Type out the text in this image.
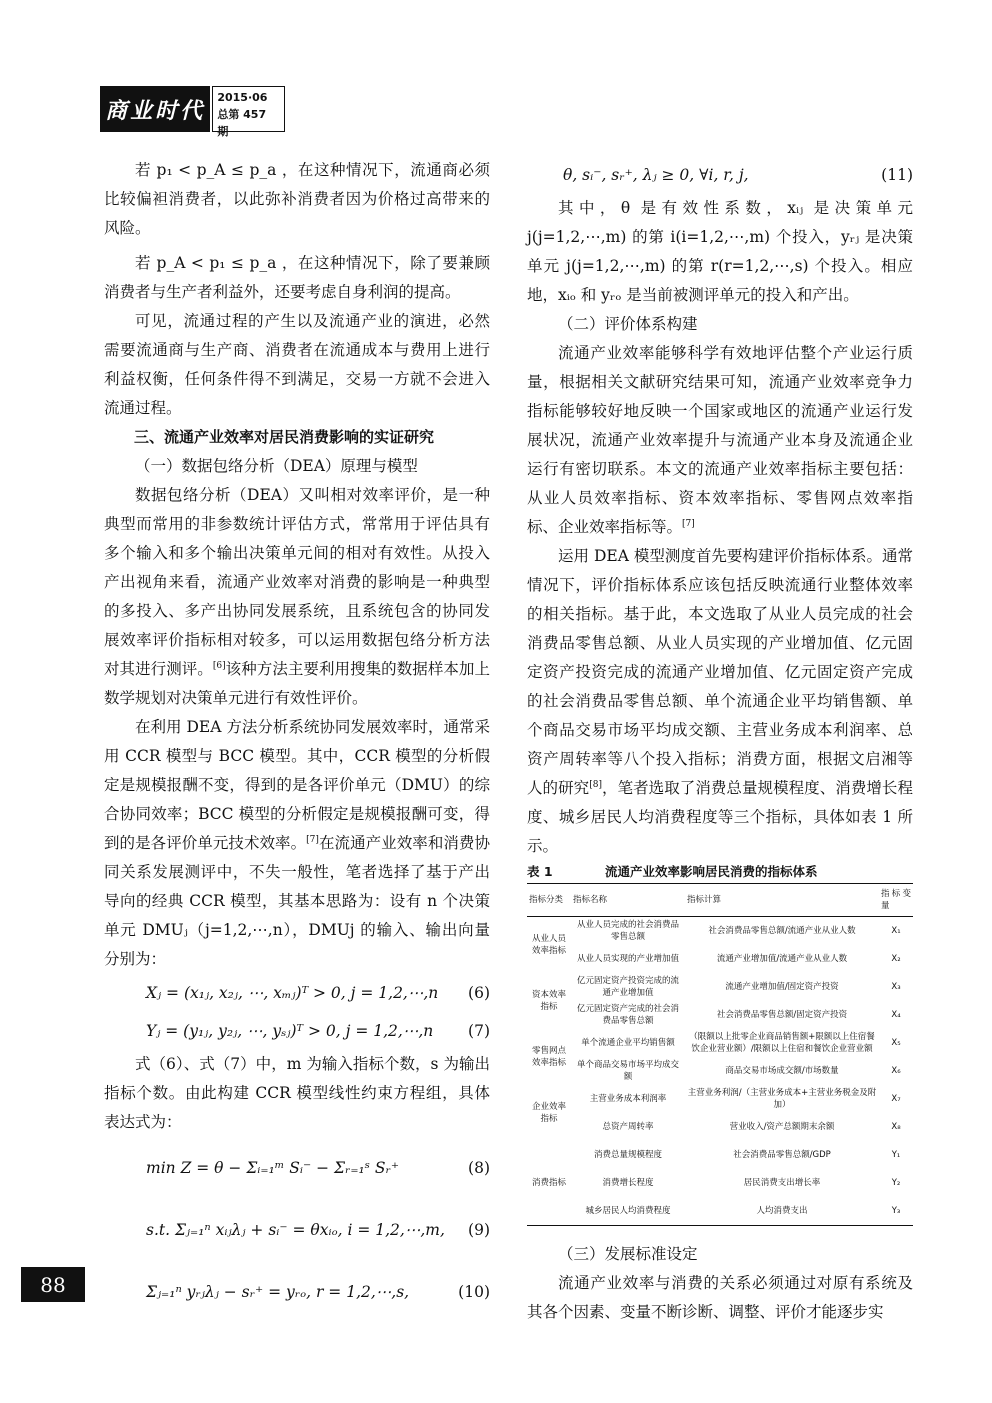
商业时代	2015·06
总第 457 期

若 p₁ < p_A ≤ p_a ，在这种情况下，流通商必须比较偏袒消费者，以此弥补消费者因为价格过高带来的风险。

若 p_A < p₁ ≤ p_a ，在这种情况下，除了要兼顾消费者与生产者利益外，还要考虑自身利润的提高。

可见，流通过程的产生以及流通产业的演进，必然需要流通商与生产商、消费者在流通成本与费用上进行利益权衡，任何条件得不到满足，交易一方就不会进入流通过程。

三、流通产业效率对居民消费影响的实证研究

（一）数据包络分析（DEA）原理与模型

数据包络分析（DEA）又叫相对效率评价，是一种典型而常用的非参数统计评估方式，常常用于评估具有多个输入和多个输出决策单元间的相对有效性。从投入产出视角来看，流通产业效率对消费的影响是一种典型的多投入、多产出协同发展系统，且系统包含的协同发展效率评价指标相对较多，可以运用数据包络分析方法对其进行测评。[6]该种方法主要利用搜集的数据样本加上数学规划对决策单元进行有效性评价。

在利用 DEA 方法分析系统协同发展效率时，通常采用 CCR 模型与 BCC 模型。其中，CCR 模型的分析假定是规模报酬不变，得到的是各评价单元（DMU）的综合协同效率；BCC 模型的分析假定是规模报酬可变，得到的是各评价单元技术效率。[7]在流通产业效率和消费协同关系发展测评中，不失一般性，笔者选择了基于产出导向的经典 CCR 模型，其基本思路为：设有 n 个决策单元 DMUⱼ（j=1,2,⋯,n），DMUj 的输入、输出向量分别为：

Xⱼ = (x₁ⱼ, x₂ⱼ, ⋯, xₘⱼ)ᵀ > 0, j = 1,2,⋯,n (6)
Yⱼ = (y₁ⱼ, y₂ⱼ, ⋯, yₛⱼ)ᵀ > 0, j = 1,2,⋯,n (7)

式（6）、式（7）中，m 为输入指标个数，s 为输出指标个数。由此构建 CCR 模型线性约束方程组，具体表达式为：

min Z = θ − Σᵢ₌₁ᵐ Sᵢ⁻ − Σᵣ₌₁ˢ Sᵣ⁺	(8)
s.t. Σⱼ₌₁ⁿ xᵢⱼλⱼ + sᵢ⁻ = θxᵢₒ, i = 1,2,⋯,m, (9)
Σⱼ₌₁ⁿ yᵣⱼλⱼ − sᵣ⁺ = yᵣₒ, r = 1,2,⋯,s,	(10)
θ, sᵢ⁻, sᵣ⁺, λⱼ ≥ 0, ∀i, r, j,	(11)

其中，θ 是有效性系数，xᵢⱼ 是决策单元 j(j=1,2,⋯,m) 的第 i(i=1,2,⋯,m) 个投入，yᵣⱼ 是决策单元 j(j=1,2,⋯,m) 的第 r(r=1,2,⋯,s) 个投入。相应地，xᵢₒ 和 yᵣₒ 是当前被测评单元的投入和产出。

（二）评价体系构建

流通产业效率能够科学有效地评估整个产业运行质量，根据相关文献研究结果可知，流通产业效率竞争力指标能够较好地反映一个国家或地区的流通产业运行发展状况，流通产业效率提升与流通产业本身及流通企业运行有密切联系。本文的流通产业效率指标主要包括：从业人员效率指标、资本效率指标、零售网点效率指标、企业效率指标等。[7]

运用 DEA 模型测度首先要构建评价指标体系。通常情况下，评价指标体系应该包括反映流通行业整体效率的相关指标。基于此，本文选取了从业人员完成的社会消费品零售总额、从业人员实现的产业增加值、亿元固定资产投资完成的流通产业增加值、亿元固定资产完成的社会消费品零售总额、单个流通企业平均销售额、单个商品交易市场平均成交额、主营业务成本利润率、总资产周转率等八个投入指标；消费方面，根据文启湘等人的研究[8]，笔者选取了消费总量规模程度、消费增长程度、城乡居民人均消费程度等三个指标，具体如表 1 所示。

表 1	流通产业效率影响居民消费的指标体系
指标分类	指标名称	指标计算	指标变量
从业人员效率指标	从业人员完成的社会消费品零售总额	社会消费品零售总额/流通产业从业人数	X₁
	从业人员实现的产业增加值	流通产业增加值/流通产业从业人数	X₂
资本效率指标	亿元固定资产投资完成的流通产业增加值	流通产业增加值/固定资产投资	X₃
	亿元固定资产完成的社会消费品零售总额	社会消费品零售总额/固定资产投资	X₄
零售网点效率指标	单个流通企业平均销售额	（限额以上批零企业商品销售额+限额以上住宿餐饮企业营业额）/限额以上住宿和餐饮企业营业额	X₅
	单个商品交易市场平均成交额	商品交易市场成交额/市场数量	X₆
企业效率指标	主营业务成本利润率	主营业务利润/（主营业务成本+主营业务税金及附加）	X₇
	总资产周转率	营业收入/资产总额期末余额	X₈
消费指标	消费总量规模程度	社会消费品零售总额/GDP	Y₁
	消费增长程度	居民消费支出增长率	Y₂
	城乡居民人均消费程度	人均消费支出	Y₃

（三）发展标准设定

流通产业效率与消费的关系必须通过对原有系统及其各个因素、变量不断诊断、调整、评价才能逐步实

88
